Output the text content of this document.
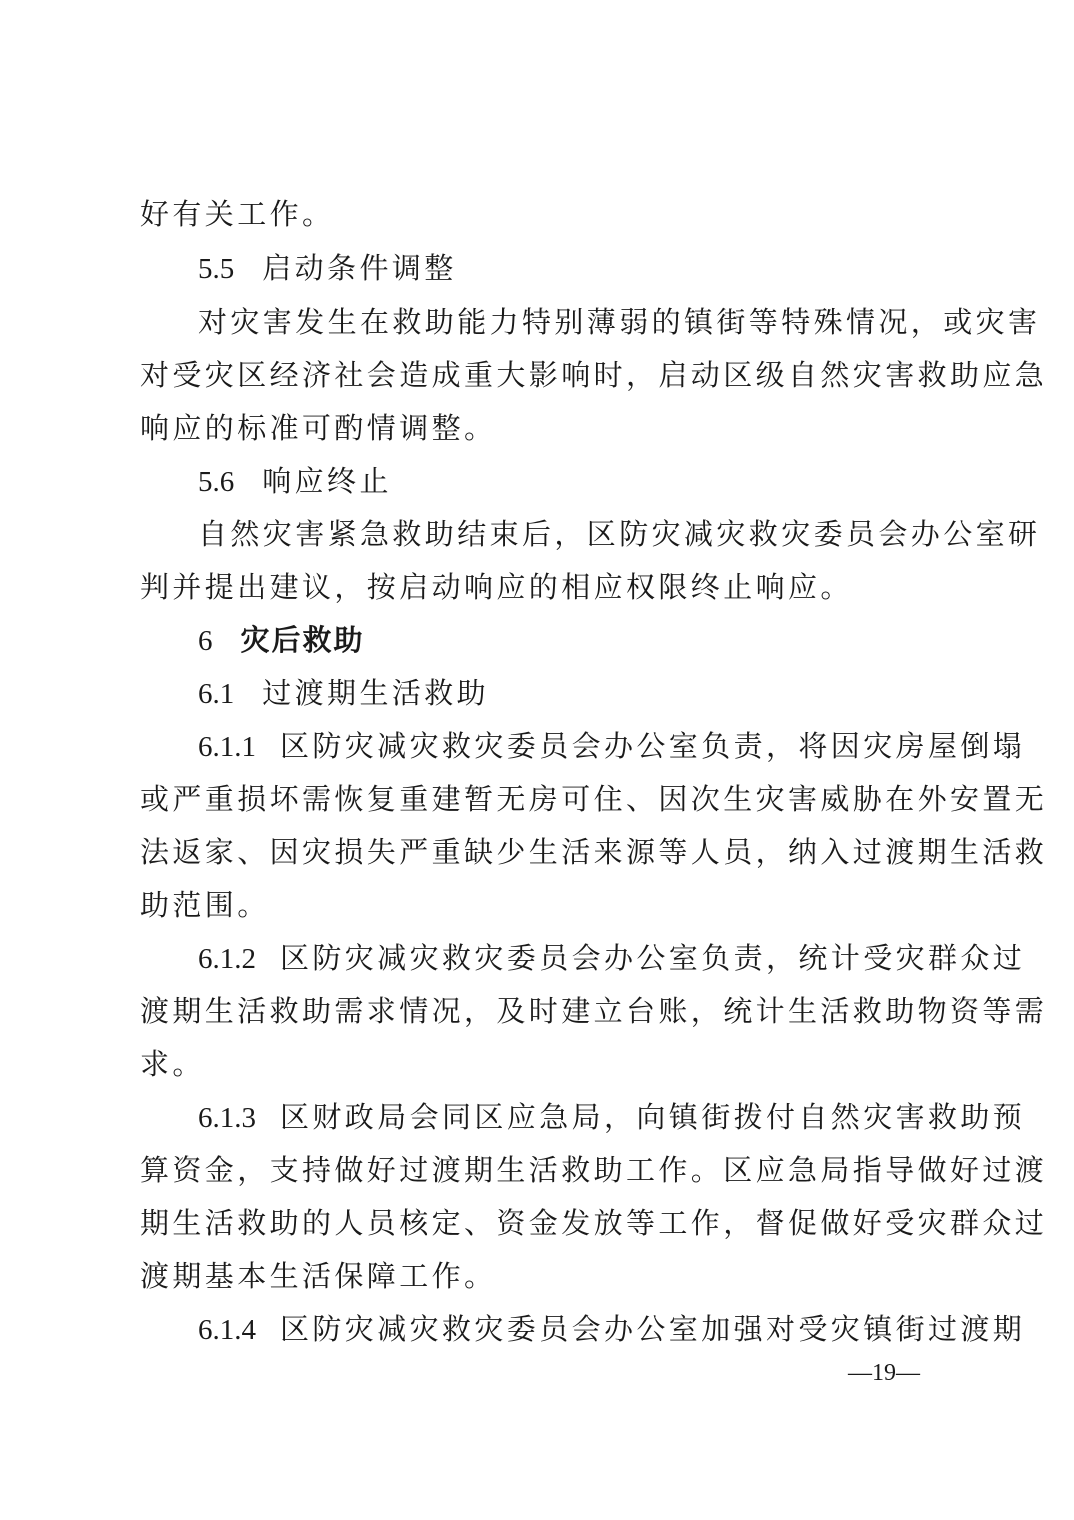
好有关工作。
5.5 启动条件调整
对灾害发生在救助能力特别薄弱的镇街等特殊情况，或灾害
对受灾区经济社会造成重大影响时，启动区级自然灾害救助应急
响应的标准可酌情调整。
5.6 响应终止
自然灾害紧急救助结束后，区防灾减灾救灾委员会办公室研
判并提出建议，按启动响应的相应权限终止响应。
6 灾后救助
6.1 过渡期生活救助
6.1.1 区防灾减灾救灾委员会办公室负责，将因灾房屋倒塌
或严重损坏需恢复重建暂无房可住、因次生灾害威胁在外安置无
法返家、因灾损失严重缺少生活来源等人员，纳入过渡期生活救
助范围。
6.1.2 区防灾减灾救灾委员会办公室负责，统计受灾群众过
渡期生活救助需求情况，及时建立台账，统计生活救助物资等需
求。
6.1.3 区财政局会同区应急局，向镇街拨付自然灾害救助预
算资金，支持做好过渡期生活救助工作。区应急局指导做好过渡
期生活救助的人员核定、资金发放等工作，督促做好受灾群众过
渡期基本生活保障工作。
6.1.4 区防灾减灾救灾委员会办公室加强对受灾镇街过渡期
—19—
